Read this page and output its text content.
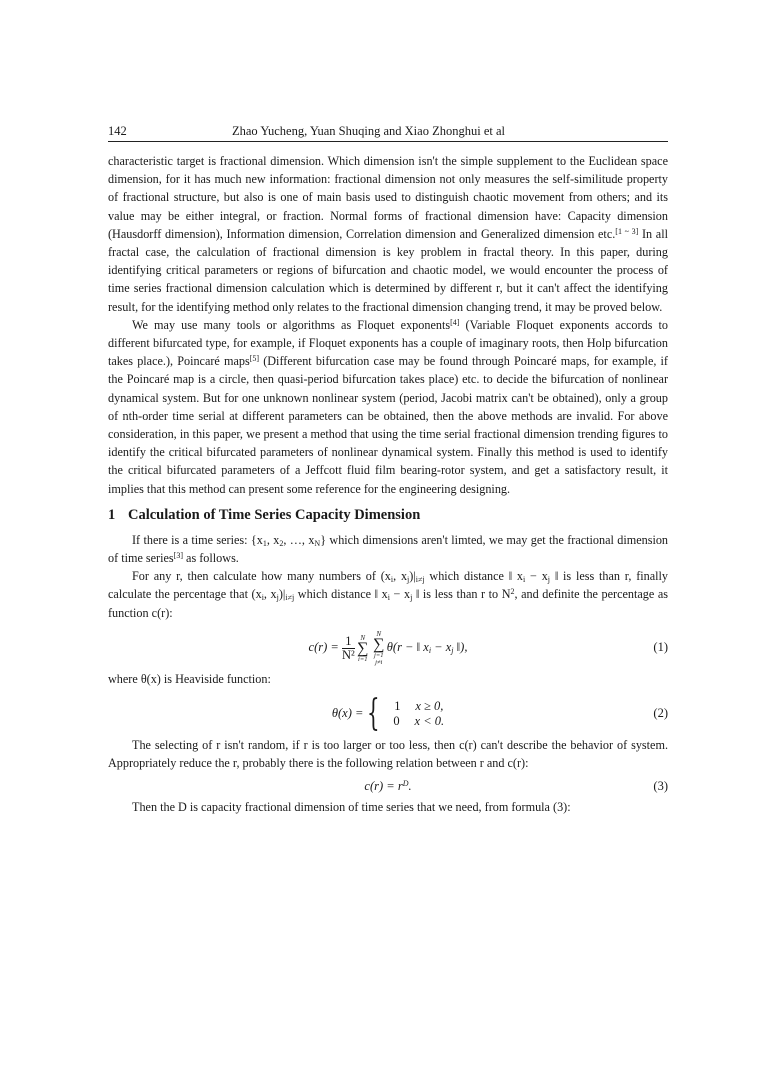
142	Zhao Yucheng, Yuan Shuqing and Xiao Zhonghui et al

characteristic target is fractional dimension. Which dimension isn't the simple supplement to the Euclidean space dimension, for it has much new information: fractional dimension not only measures the self-similitude property of fractional structure, but also is one of main basis used to distinguish chaotic movement from others; and its value may be either integral, or fraction. Normal forms of fractional dimension have: Capacity dimension (Hausdorff dimension), Information dimension, Correlation dimension and Generalized dimension etc.[1 ~ 3] In all fractal case, the calculation of fractional dimension is key problem in fractal theory. In this paper, during identifying critical parameters or regions of bifurcation and chaotic model, we would encounter the process of time series fractional dimension calculation which is determined by different r, but it can't affect the identifying result, for the identifying method only relates to the fractional dimension changing trend, it may be proved below.

We may use many tools or algorithms as Floquet exponents[4] (Variable Floquet exponents accords to different bifurcated type, for example, if Floquet exponents has a couple of imaginary roots, then Holp bifurcation takes place.), Poincaré maps[5] (Different bifurcation case may be found through Poincaré maps, for example, if the Poincaré map is a circle, then quasi-period bifurcation takes place) etc. to decide the bifurcation of nonlinear dynamical system. But for one unknown nonlinear system (period, Jacobi matrix can't be obtained), only a group of nth-order time serial at different parameters can be obtained, then the above methods are invalid. For above consideration, in this paper, we present a method that using the time serial fractional dimension trending figures to identify the critical bifurcated parameters of nonlinear dynamical system. Finally this method is used to identify the critical bifurcated parameters of a Jeffcott fluid film bearing-rotor system, and get a satisfactory result, it implies that this method can present some reference for the engineering designing.

1 Calculation of Time Series Capacity Dimension

If there is a time series: {$x_1$, $x_2$, …, $x_N$} which dimensions aren't limted, we may get the fractional dimension of time series[3] as follows.

For any r, then calculate how many numbers of ($x_i$, $x_j)|_{i\ne j}$ which distance ‖ $x_i - x_j$ ‖ is less than r, finally calculate the percentage that ($x_i$, $x_j)|_{i\ne j}$ which distance ‖ $x_i - x_j$ ‖ is less than r to $N^2$, and definite the percentage as function c(r):

$c(r) = \frac{1}{\text{N²}}$ N
∑
i=1
N
∑
j=1 j≠i
θ(r − ‖ $x_i - x_j$ ‖),	(1)

where θ(x) is Heaviside function:

θ(x) = {	1 x ≥ 0,
0 x < 0.
(2)

The selecting of r isn't random, if r is too larger or too less, then c(r) can't describe the behavior of system. Appropriately reduce the r, probably there is the following relation between r and c(r):

$c(r) = r^D$.	(3)

Then the D is capacity fractional dimension of time series that we need, from formula (3):
